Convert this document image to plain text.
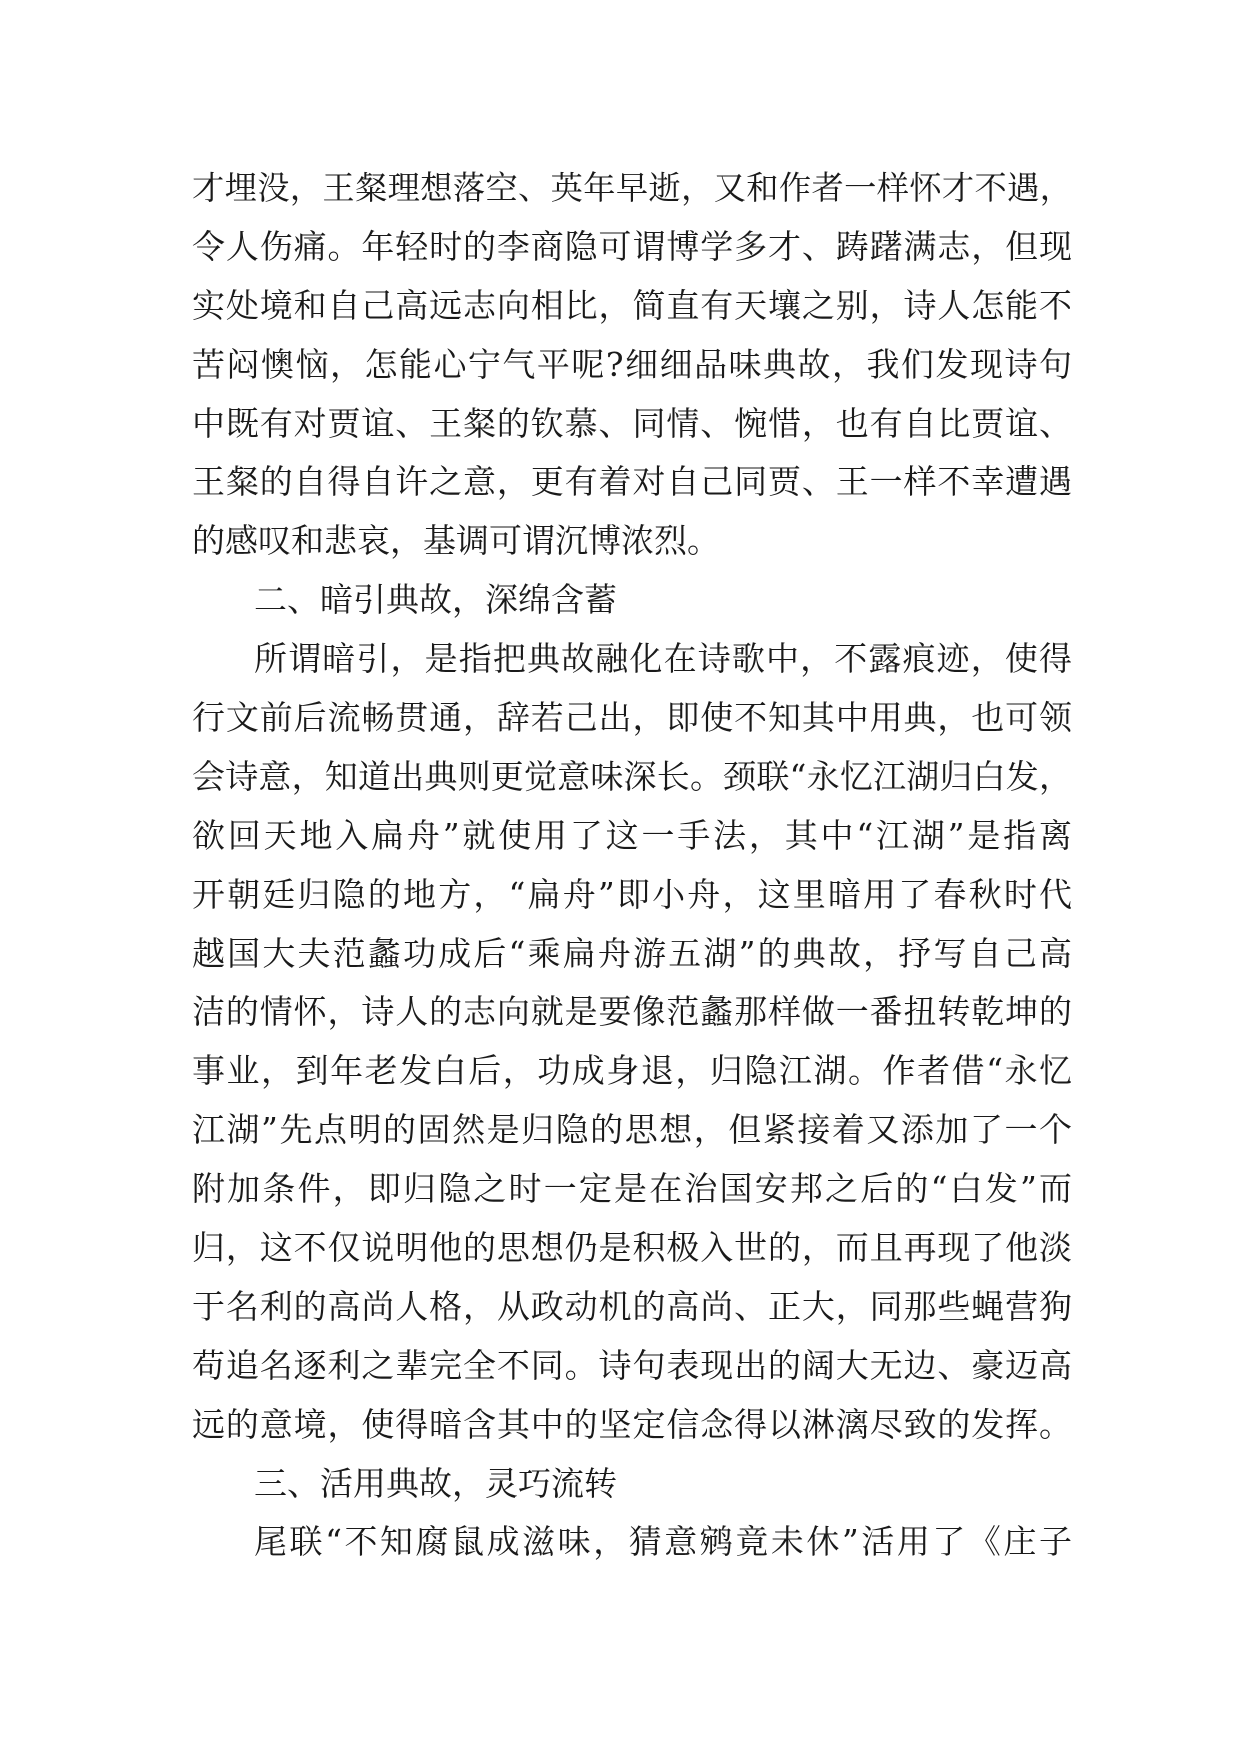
才埋没，王粲理想落空、英年早逝，又和作者一样怀才不遇，
令人伤痛。年轻时的李商隐可谓博学多才、踌躇满志，但现
实处境和自己高远志向相比，简直有天壤之别，诗人怎能不
苦闷懊恼，怎能心宁气平呢?细细品味典故，我们发现诗句
中既有对贾谊、王粲的钦慕、同情、惋惜，也有自比贾谊、
王粲的自得自许之意，更有着对自己同贾、王一样不幸遭遇
的感叹和悲哀，基调可谓沉博浓烈。
二、暗引典故，深绵含蓄
所谓暗引，是指把典故融化在诗歌中，不露痕迹，使得
行文前后流畅贯通，辞若己出，即使不知其中用典，也可领
会诗意，知道出典则更觉意味深长。颈联“永忆江湖归白发，
欲回天地入扁舟”就使用了这一手法，其中“江湖”是指离
开朝廷归隐的地方，“扁舟”即小舟，这里暗用了春秋时代
越国大夫范蠡功成后“乘扁舟游五湖”的典故，抒写自己高
洁的情怀，诗人的志向就是要像范蠡那样做一番扭转乾坤的
事业，到年老发白后，功成身退，归隐江湖。作者借“永忆
江湖”先点明的固然是归隐的思想，但紧接着又添加了一个
附加条件，即归隐之时一定是在治国安邦之后的“白发”而
归，这不仅说明他的思想仍是积极入世的，而且再现了他淡
于名利的高尚人格，从政动机的高尚、正大，同那些蝇营狗
苟追名逐利之辈完全不同。诗句表现出的阔大无边、豪迈高
远的意境，使得暗含其中的坚定信念得以淋漓尽致的发挥。
三、活用典故，灵巧流转
尾联“不知腐鼠成滋味，猜意鹓竟未休”活用了《庄子
